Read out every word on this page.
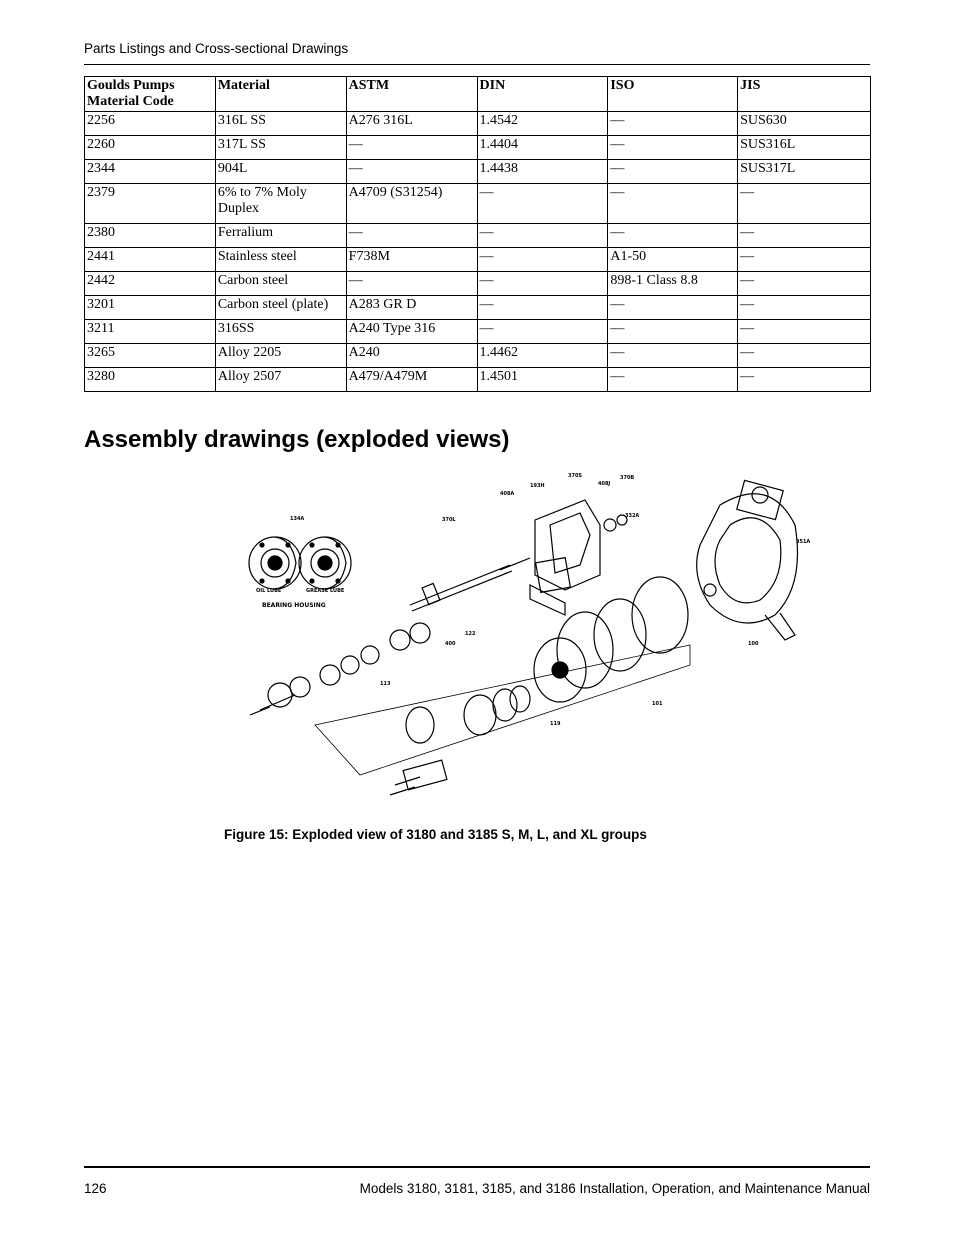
Parts Listings and Cross-sectional Drawings
Goulds Pumps Material Code	Material	ASTM	DIN	ISO	JIS
2256	316L SS	A276 316L	1.4542	—	SUS630
2260	317L SS	—	1.4404	—	SUS316L
2344	904L	—	1.4438	—	SUS317L
2379	6% to 7% Moly Duplex	A4709 (S31254)	—	—	—
2380	Ferralium	—	—	—	—
2441	Stainless steel	F738M	—	A1-50	—
2442	Carbon steel	—	—	898-1 Class 8.8	—
3201	Carbon steel (plate)	A283 GR D	—	—	—
3211	316SS	A240 Type 316	—	—	—
3265	Alloy 2205	A240	1.4462	—	—
3280	Alloy 2507	A479/A479M	1.4501	—	—
Assembly drawings (exploded views)
OIL LUBE	GREASE LUBE
BEARING HOUSING
134A
370S
193H
408A
370L
408J
370B
332A
100
351A
113
122
400
119
101
Figure 15: Exploded view of 3180 and 3185 S, M, L, and XL groups
126	Models 3180, 3181, 3185, and 3186 Installation, Operation, and Maintenance Manual
